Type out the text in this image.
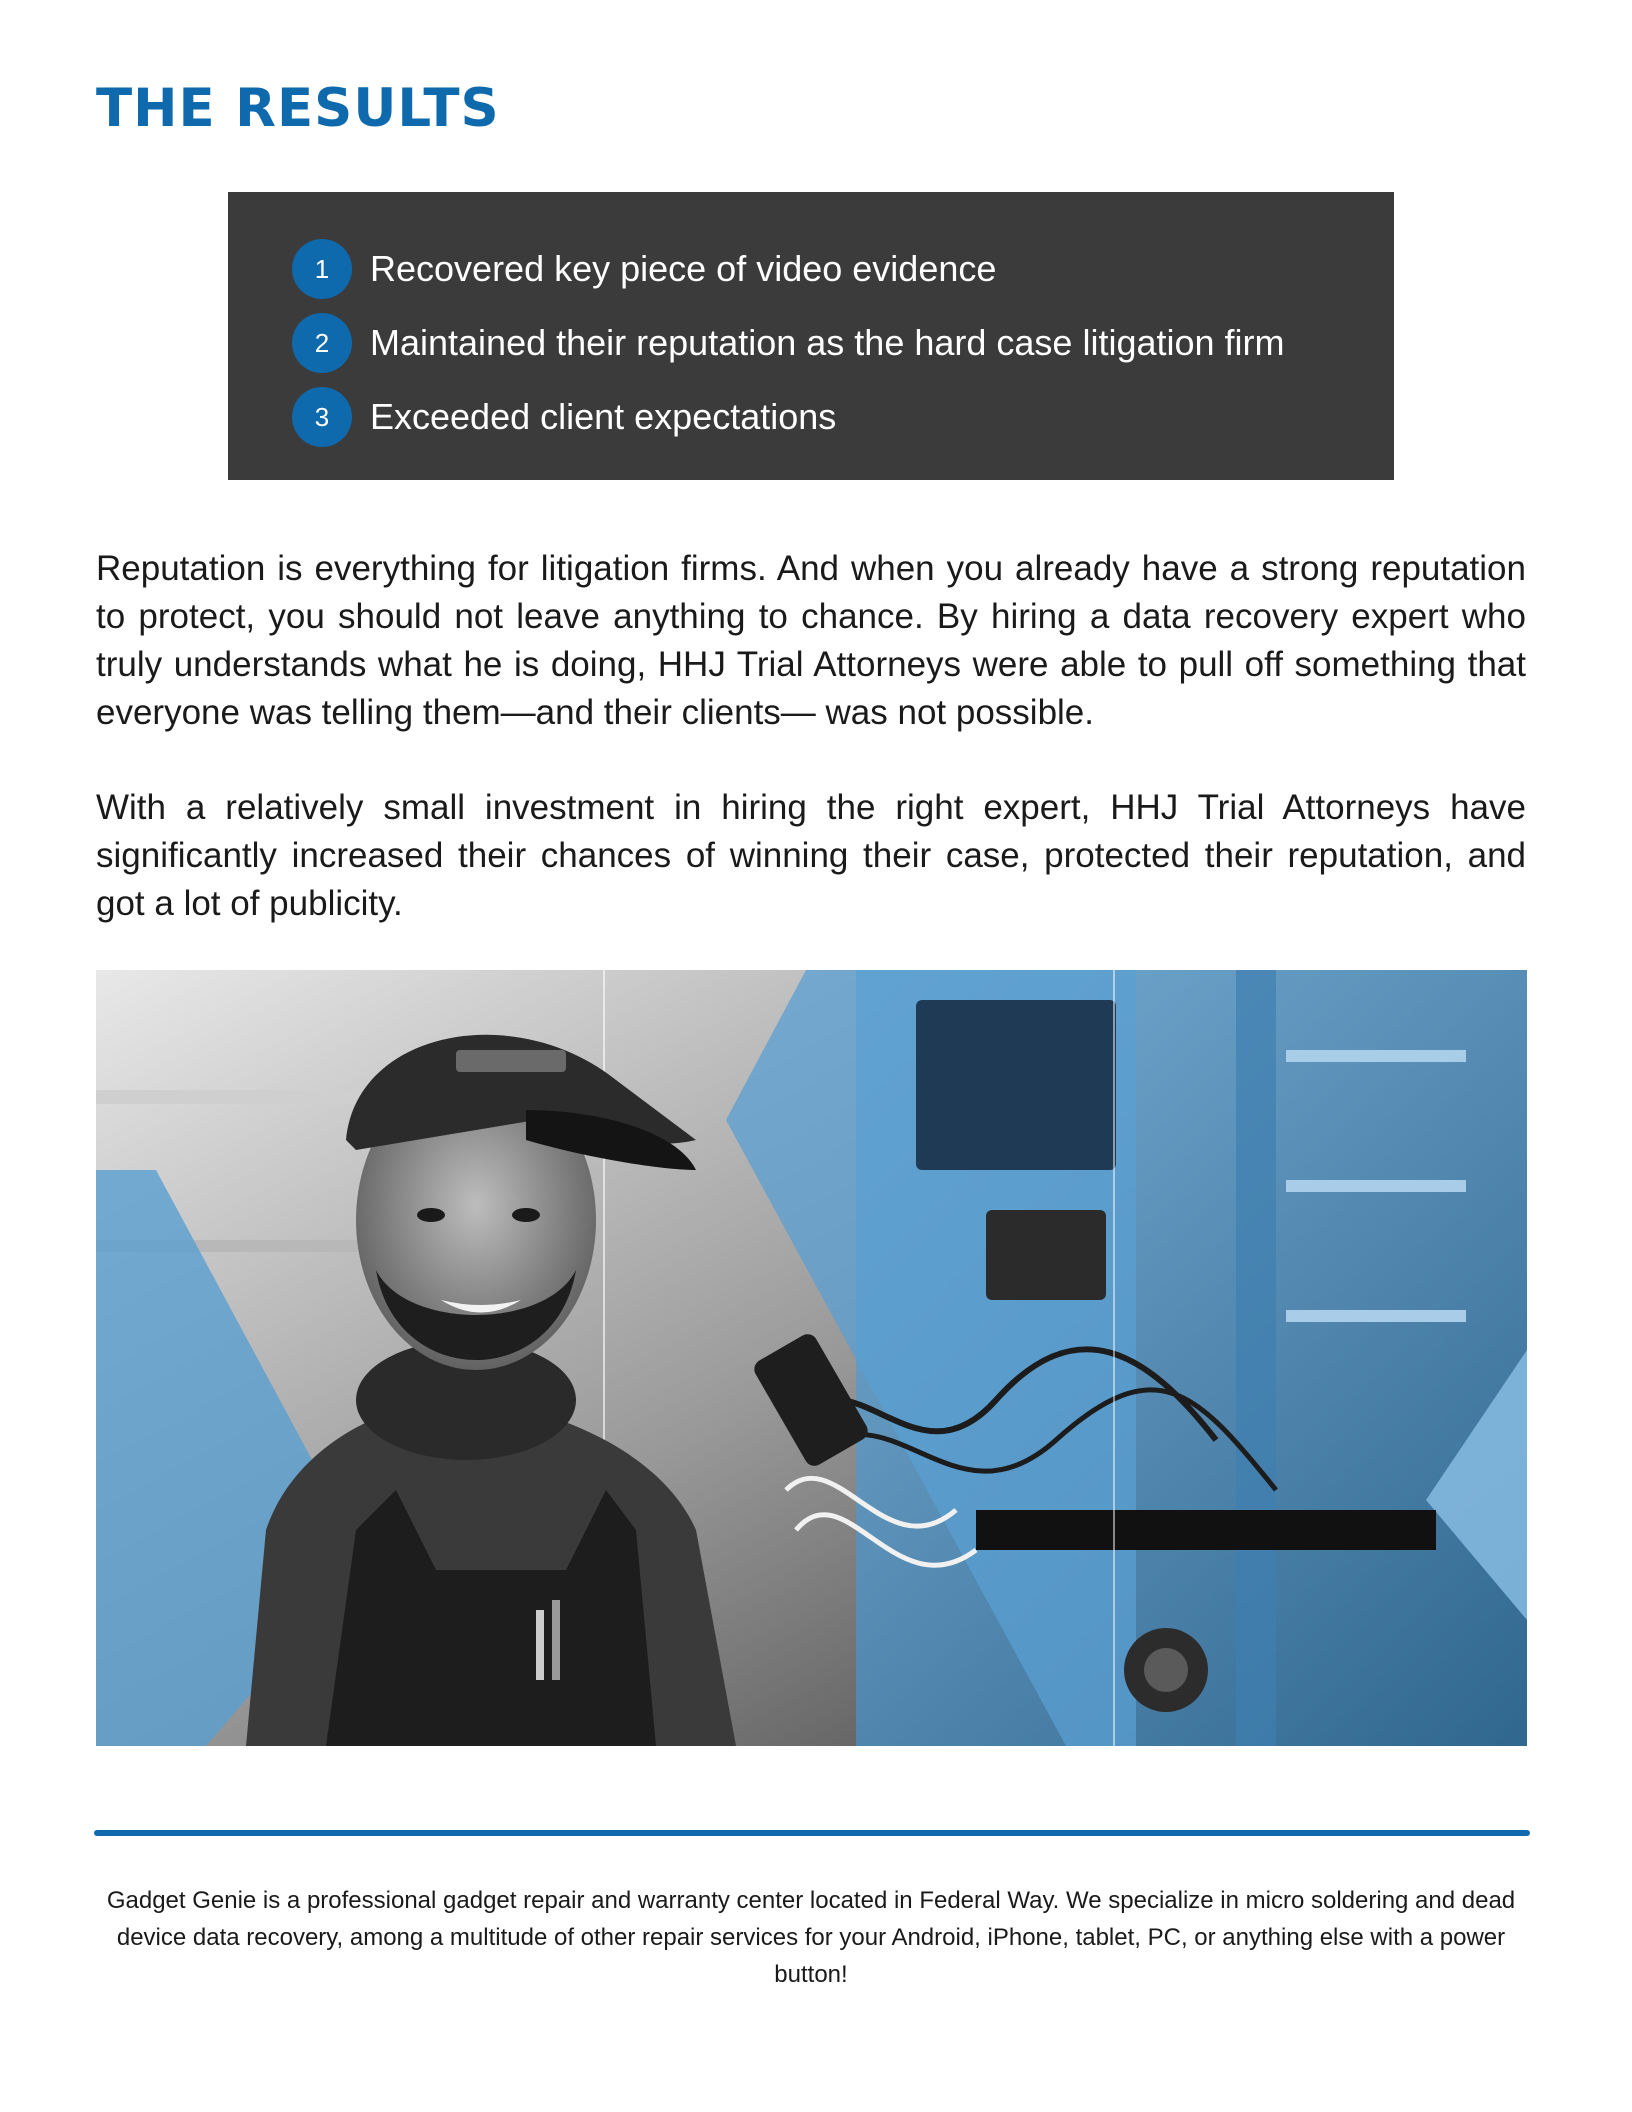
THE RESULTS
1	Recovered key piece of video evidence
2	Maintained their reputation as the hard case litigation firm
3	Exceeded client expectations

Reputation is everything for litigation firms. And when you already have a strong reputation to protect, you should not leave anything to chance. By hiring a data recovery expert who truly understands what he is doing, HHJ Trial Attorneys were able to pull off something that everyone was telling them—and their clients— was not possible.

With a relatively small investment in hiring the right expert, HHJ Trial Attorneys have significantly increased their chances of winning their case, protected their reputation, and got a lot of publicity.

Gadget Genie is a professional gadget repair and warranty center located in Federal Way. We specialize in micro soldering and dead device data recovery, among a multitude of other repair services for your Android, iPhone, tablet, PC, or anything else with a power button!
